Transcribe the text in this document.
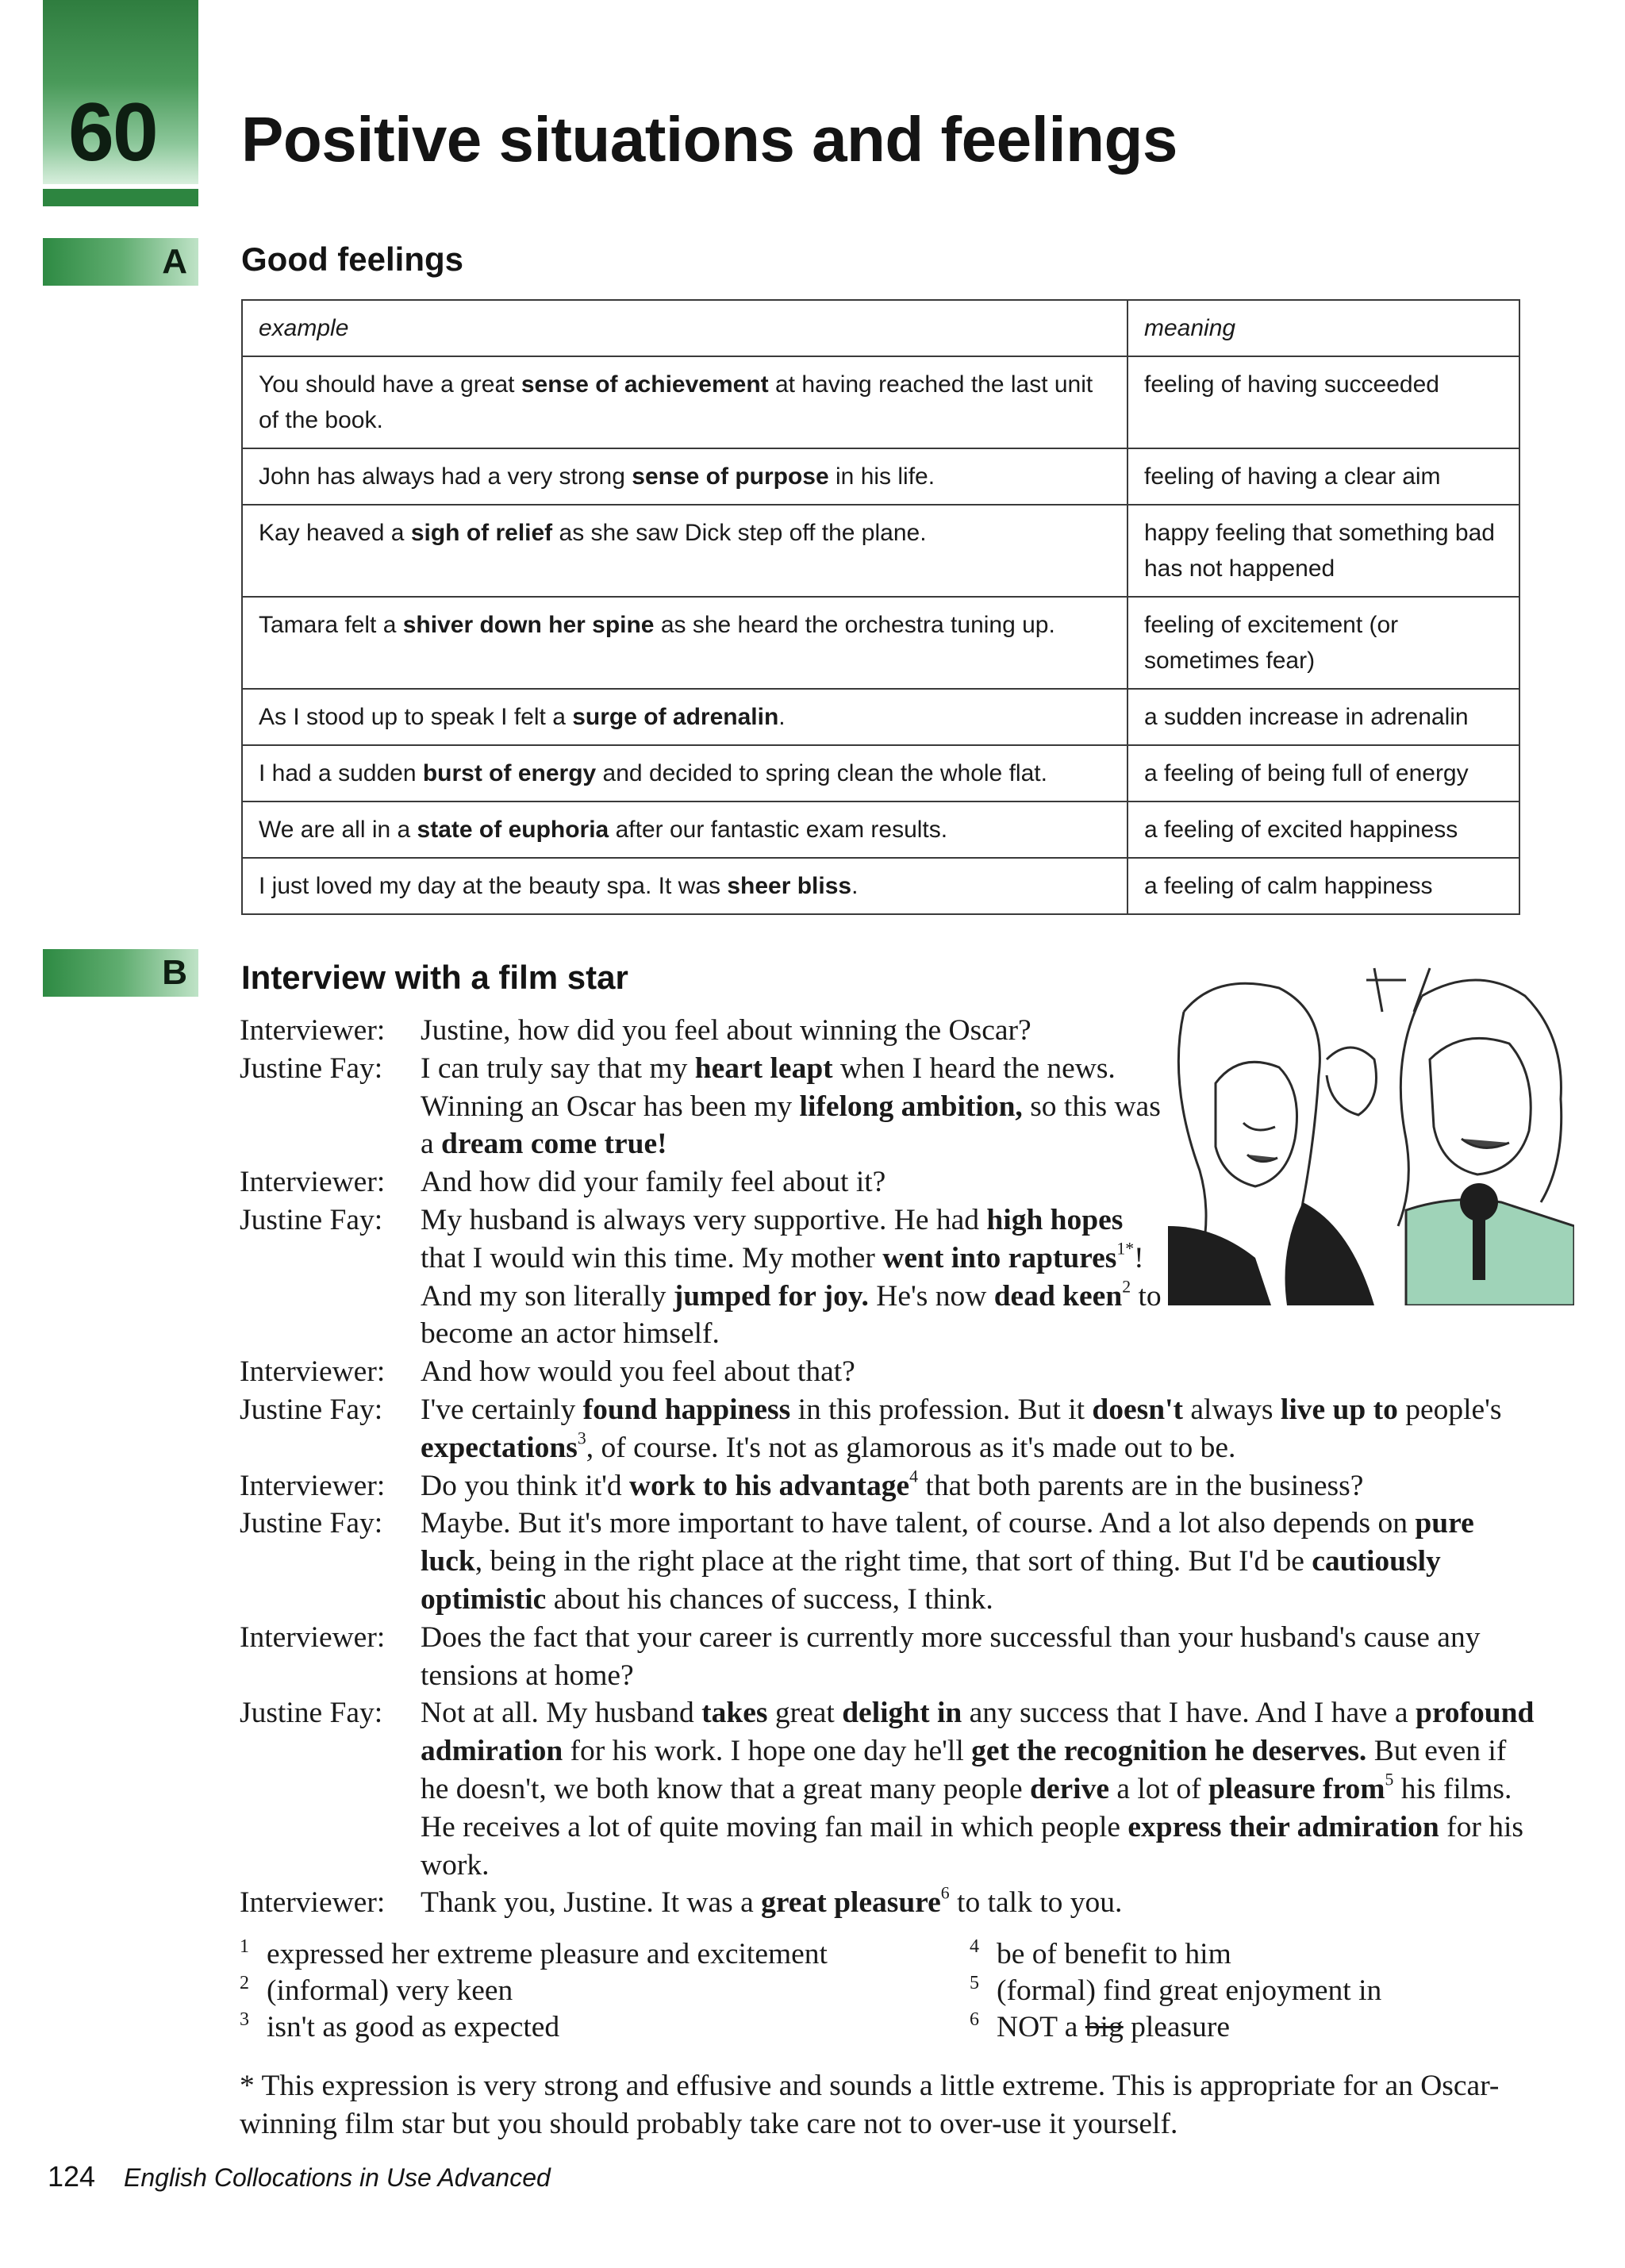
60 Positive situations and feelings
A Good feelings
example	meaning
You should have a great sense of achievement at having reached the last unit of the book.	feeling of having succeeded
John has always had a very strong sense of purpose in his life.	feeling of having a clear aim
Kay heaved a sigh of relief as she saw Dick step off the plane.	happy feeling that something bad has not happened
Tamara felt a shiver down her spine as she heard the orchestra tuning up.	feeling of excitement (or sometimes fear)
As I stood up to speak I felt a surge of adrenalin.	a sudden increase in adrenalin
I had a sudden burst of energy and decided to spring clean the whole flat.	a feeling of being full of energy
We are all in a state of euphoria after our fantastic exam results.	a feeling of excited happiness
I just loved my day at the beauty spa. It was sheer bliss.	a feeling of calm happiness
B Interview with a film star
Interviewer:	Justine, how did you feel about winning the Oscar?
Justine Fay:	I can truly say that my heart leapt when I heard the news. Winning an Oscar has been my lifelong ambition, so this was a dream come true!
Interviewer:	And how did your family feel about it?
Justine Fay:	My husband is always very supportive. He had high hopes that I would win this time. My mother went into raptures$^{1*}$! And my son literally jumped for joy. He's now dead keen$^2$ to become an actor himself.
Interviewer:	And how would you feel about that?
Justine Fay:	I've certainly found happiness in this profession. But it doesn't always live up to people's expectations$^3$, of course. It's not as glamorous as it's made out to be.
Interviewer:	Do you think it'd work to his advantage$^4$ that both parents are in the business?
Justine Fay:	Maybe. But it's more important to have talent, of course. And a lot also depends on pure luck, being in the right place at the right time, that sort of thing. But I'd be cautiously optimistic about his chances of success, I think.
Interviewer:	Does the fact that your career is currently more successful than your husband's cause any tensions at home?
Justine Fay:	Not at all. My husband takes great delight in any success that I have. And I have a profound admiration for his work. I hope one day he'll get the recognition he deserves. But even if he doesn't, we both know that a great many people derive a lot of pleasure from$^5$ his films. He receives a lot of quite moving fan mail in which people express their admiration for his work.
Interviewer:	Thank you, Justine. It was a great pleasure$^6$ to talk to you.
1 expressed her extreme pleasure and excitement
2 (informal) very keen
3 isn't as good as expected
4 be of benefit to him
5 (formal) find great enjoyment in
6 NOT a big pleasure
* This expression is very strong and effusive and sounds a little extreme. This is appropriate for an Oscar-winning film star but you should probably take care not to over-use it yourself.
124 English Collocations in Use Advanced
